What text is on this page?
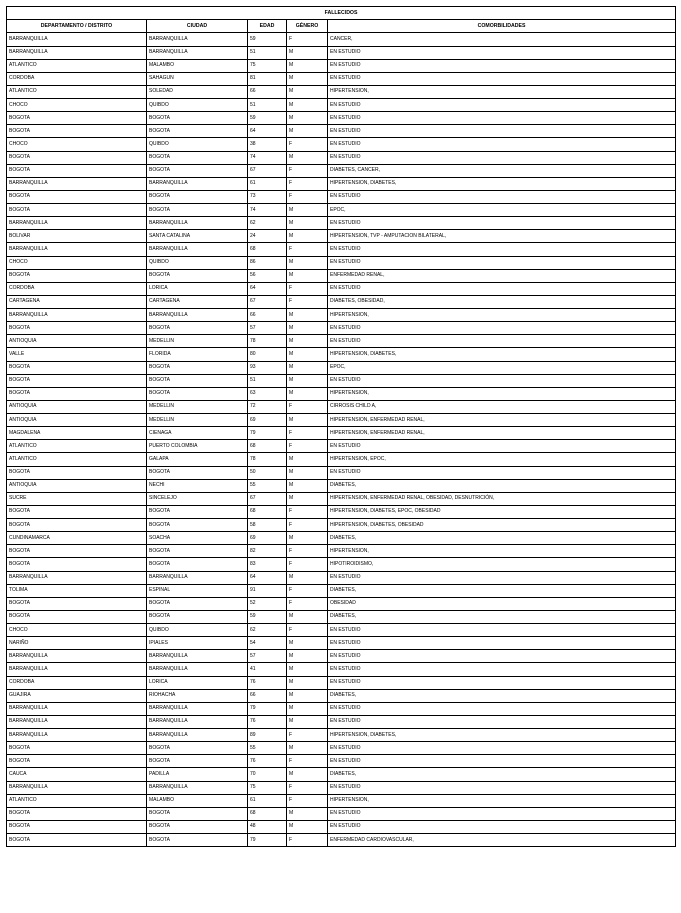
FALLECIDOS				
DEPARTAMENTO / DISTRITO	CIUDAD	EDAD	GÉNERO	COMORBILIDADES
BARRANQUILLA	BARRANQUILLA	59	F	CANCER,
BARRANQUILLA	BARRANQUILLA	51	M	EN ESTUDIO
ATLANTICO	MALAMBO	75	M	EN ESTUDIO
CORDOBA	SAHAGUN	81	M	EN ESTUDIO
ATLANTICO	SOLEDAD	66	M	HIPERTENSION,
CHOCO	QUIBDO	51	M	EN ESTUDIO
BOGOTA	BOGOTA	59	M	EN ESTUDIO
BOGOTA	BOGOTA	64	M	EN ESTUDIO
CHOCO	QUIBDO	38	F	EN ESTUDIO
BOGOTA	BOGOTA	74	M	EN ESTUDIO
BOGOTA	BOGOTA	67	F	DIABETES, CANCER,
BARRANQUILLA	BARRANQUILLA	61	F	HIPERTENSION, DIABETES,
BOGOTA	BOGOTA	73	F	EN ESTUDIO
BOGOTA	BOGOTA	74	M	EPOC,
BARRANQUILLA	BARRANQUILLA	62	M	EN ESTUDIO
BOLIVAR	SANTA CATALINA	24	M	HIPERTENSION, TVP - AMPUTACION BILATERAL,
BARRANQUILLA	BARRANQUILLA	68	F	EN ESTUDIO
CHOCO	QUIBDO	86	M	EN ESTUDIO
BOGOTA	BOGOTA	56	M	ENFERMEDAD RENAL,
CORDOBA	LORICA	64	F	EN ESTUDIO
CARTAGENA	CARTAGENA	67	F	DIABETES, OBESIDAD,
BARRANQUILLA	BARRANQUILLA	66	M	HIPERTENSION,
BOGOTA	BOGOTA	57	M	EN ESTUDIO
ANTIOQUIA	MEDELLIN	78	M	EN ESTUDIO
VALLE	FLORIDA	80	M	HIPERTENSION, DIABETES,
BOGOTA	BOGOTA	93	M	EPOC,
BOGOTA	BOGOTA	51	M	EN ESTUDIO
BOGOTA	BOGOTA	63	M	HIPERTENSION,
ANTIOQUIA	MEDELLIN	72	F	CIRROSIS CHILD A,
ANTIOQUIA	MEDELLIN	69	M	HIPERTENSION, ENFERMEDAD RENAL,
MAGDALENA	CIENAGA	79	F	HIPERTENSION, ENFERMEDAD RENAL,
ATLANTICO	PUERTO COLOMBIA	68	F	EN ESTUDIO
ATLANTICO	GALAPA	78	M	HIPERTENSION, EPOC,
BOGOTA	BOGOTA	50	M	EN ESTUDIO
ANTIOQUIA	NECHI	55	M	DIABETES,
SUCRE	SINCELEJO	67	M	HIPERTENSION, ENFERMEDAD RENAL, OBESIDAD, DESNUTRICIÓN,
BOGOTA	BOGOTA	68	F	HIPERTENSION, DIABETES, EPOC, OBESIDAD
BOGOTA	BOGOTA	58	F	HIPERTENSION, DIABETES, OBESIDAD
CUNDINAMARCA	SOACHA	69	M	DIABETES,
BOGOTA	BOGOTA	82	F	HIPERTENSION,
BOGOTA	BOGOTA	83	F	HIPOTIROIDISMO,
BARRANQUILLA	BARRANQUILLA	64	M	EN ESTUDIO
TOLIMA	ESPINAL	91	F	DIABETES,
BOGOTA	BOGOTA	52	F	OBESIDAD
BOGOTA	BOGOTA	59	M	DIABETES,
CHOCO	QUIBDO	62	F	EN ESTUDIO
NARIÑO	IPIALES	54	M	EN ESTUDIO
BARRANQUILLA	BARRANQUILLA	57	M	EN ESTUDIO
BARRANQUILLA	BARRANQUILLA	41	M	EN ESTUDIO
CORDOBA	LORICA	76	M	EN ESTUDIO
GUAJIRA	RIOHACHA	66	M	DIABETES,
BARRANQUILLA	BARRANQUILLA	79	M	EN ESTUDIO
BARRANQUILLA	BARRANQUILLA	76	M	EN ESTUDIO
BARRANQUILLA	BARRANQUILLA	89	F	HIPERTENSION, DIABETES,
BOGOTA	BOGOTA	55	M	EN ESTUDIO
BOGOTA	BOGOTA	76	F	EN ESTUDIO
CAUCA	PADILLA	70	M	DIABETES,
BARRANQUILLA	BARRANQUILLA	75	F	EN ESTUDIO
ATLANTICO	MALAMBO	61	F	HIPERTENSION,
BOGOTA	BOGOTA	68	M	EN ESTUDIO
BOGOTA	BOGOTA	48	M	EN ESTUDIO
BOGOTA	BOGOTA	79	F	ENFERMEDAD CARDIOVASCULAR,
